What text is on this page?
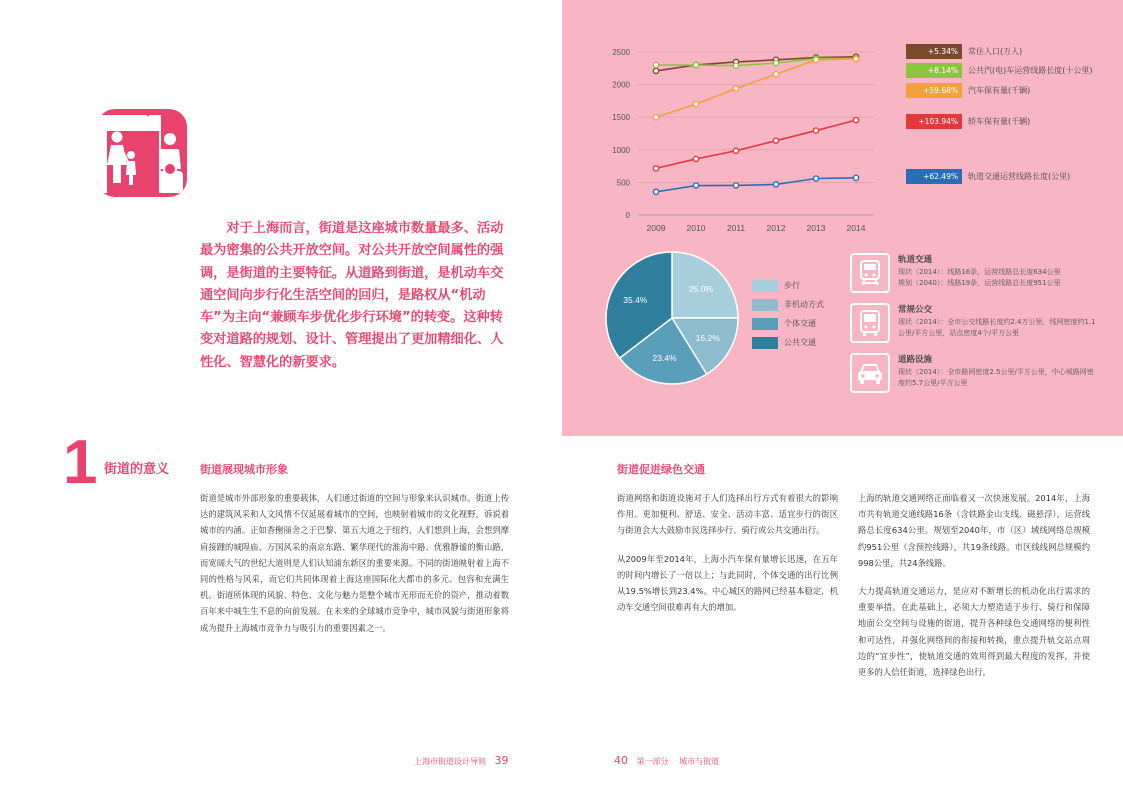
对于上海而言，街道是这座城市数量最多、活动最为密集的公共开放空间。对公共开放空间属性的强调，是街道的主要特征。从道路到街道，是机动车交通空间向步行化生活空间的回归，是路权从“机动车”为主向“兼顾车步优化步行环境”的转变。这种转变对道路的规划、设计、管理提出了更加精细化、人性化、智慧化的新要求。

1 街道的意义	街道展现城市形象

街道是城市外部形象的重要载体，人们通过街道的空间与形象来认识城市。街道上传达的建筑风采和人文风情不仅延展着城市的空间，也映射着城市的文化视野，诉说着城市的内涵。正如香榭丽舍之于巴黎、第五大道之于纽约，人们想到上海，会想到摩肩接踵的城隍庙、万国风采的南京东路、繁华现代的淮海中路、优雅静谧的衡山路，而宽阔大气的世纪大道则是人们认知浦东新区的重要来源。不同的街道映射着上海不同的性格与风采，而它们共同体现着上海这座国际化大都市的多元、包容和充满生机。街道所体现的风貌、特色、文化与魅力是整个城市无形而无价的资产，推动着数百年来中城生生不息的向前发展。在未来的全球城市竞争中，城市风貌与街道形象将成为提升上海城市竞争力与吸引力的重要因素之一。

上海市街道设计导则 39
0
500
1000
1500
2000
2500
2009 2010	2011	2012 2013 2014
+5.34%	常住人口(万人)
+8.14%	公共汽(电)车运营线路长度(十公里)
+59.68%	汽车保有量(千辆)
+103.94%	轿车保有量(千辆)
+62.49%	轨道交通运营线路长度(公里)
25.0%
16.2%
23.4%
35.4%
步行
非机动方式
个体交通
公共交通
轨道交通
现状（2014）：线路16条，运营线路总长度634公里
规划（2040）：线路19条，运营线路总长度951公里
常规公交
现状（2014）：全市公交线路长度约2.4万公里，线网密度约1.1公里/平方公里，站点密度4个/平方公里
道路设施
现状（2014）：全市路网密度2.5公里/平方公里，中心城路网密度约5.7公里/平方公里
街道促进绿色交通

街道网络和街道设施对于人们选择出行方式有着很大的影响作用。更加便利、舒适、安全、活动丰富、适宜步行的街区与街道会大大鼓励市民选择步行、骑行或公共交通出行。

从2009年至2014年，上海小汽车保有量增长迅速，在五年的时间内增长了一倍以上；与此同时，个体交通的出行比例从19.5%增长到23.4%。中心城区的路网已经基本稳定，机动车交通空间很难再有大的增加。

上海的轨道交通网络正面临着又一次快速发展。2014年，上海市共有轨道交通线路16条（含铁路金山支线、磁悬浮），运营线路总长度634公里。规划至2040年，市（区）域线网络总规模约951公里（含预控线路），共19条线路。市区线线网总规模约998公里，共24条线路。

大力提高轨道交通运力，是应对不断增长的机动化出行需求的重要举措。在此基础上，必须大力塑造适于步行、骑行和保障地面公交空间与设施的街道，提升各种绿色交通网络的便利性和可达性，并强化网络间的衔接和转换，重点提升轨交站点周边的“宜步性”，使轨道交通的效用得到最大程度的发挥，并使更多的人信任街道，选择绿色出行。

40 第一部分 城市与街道
